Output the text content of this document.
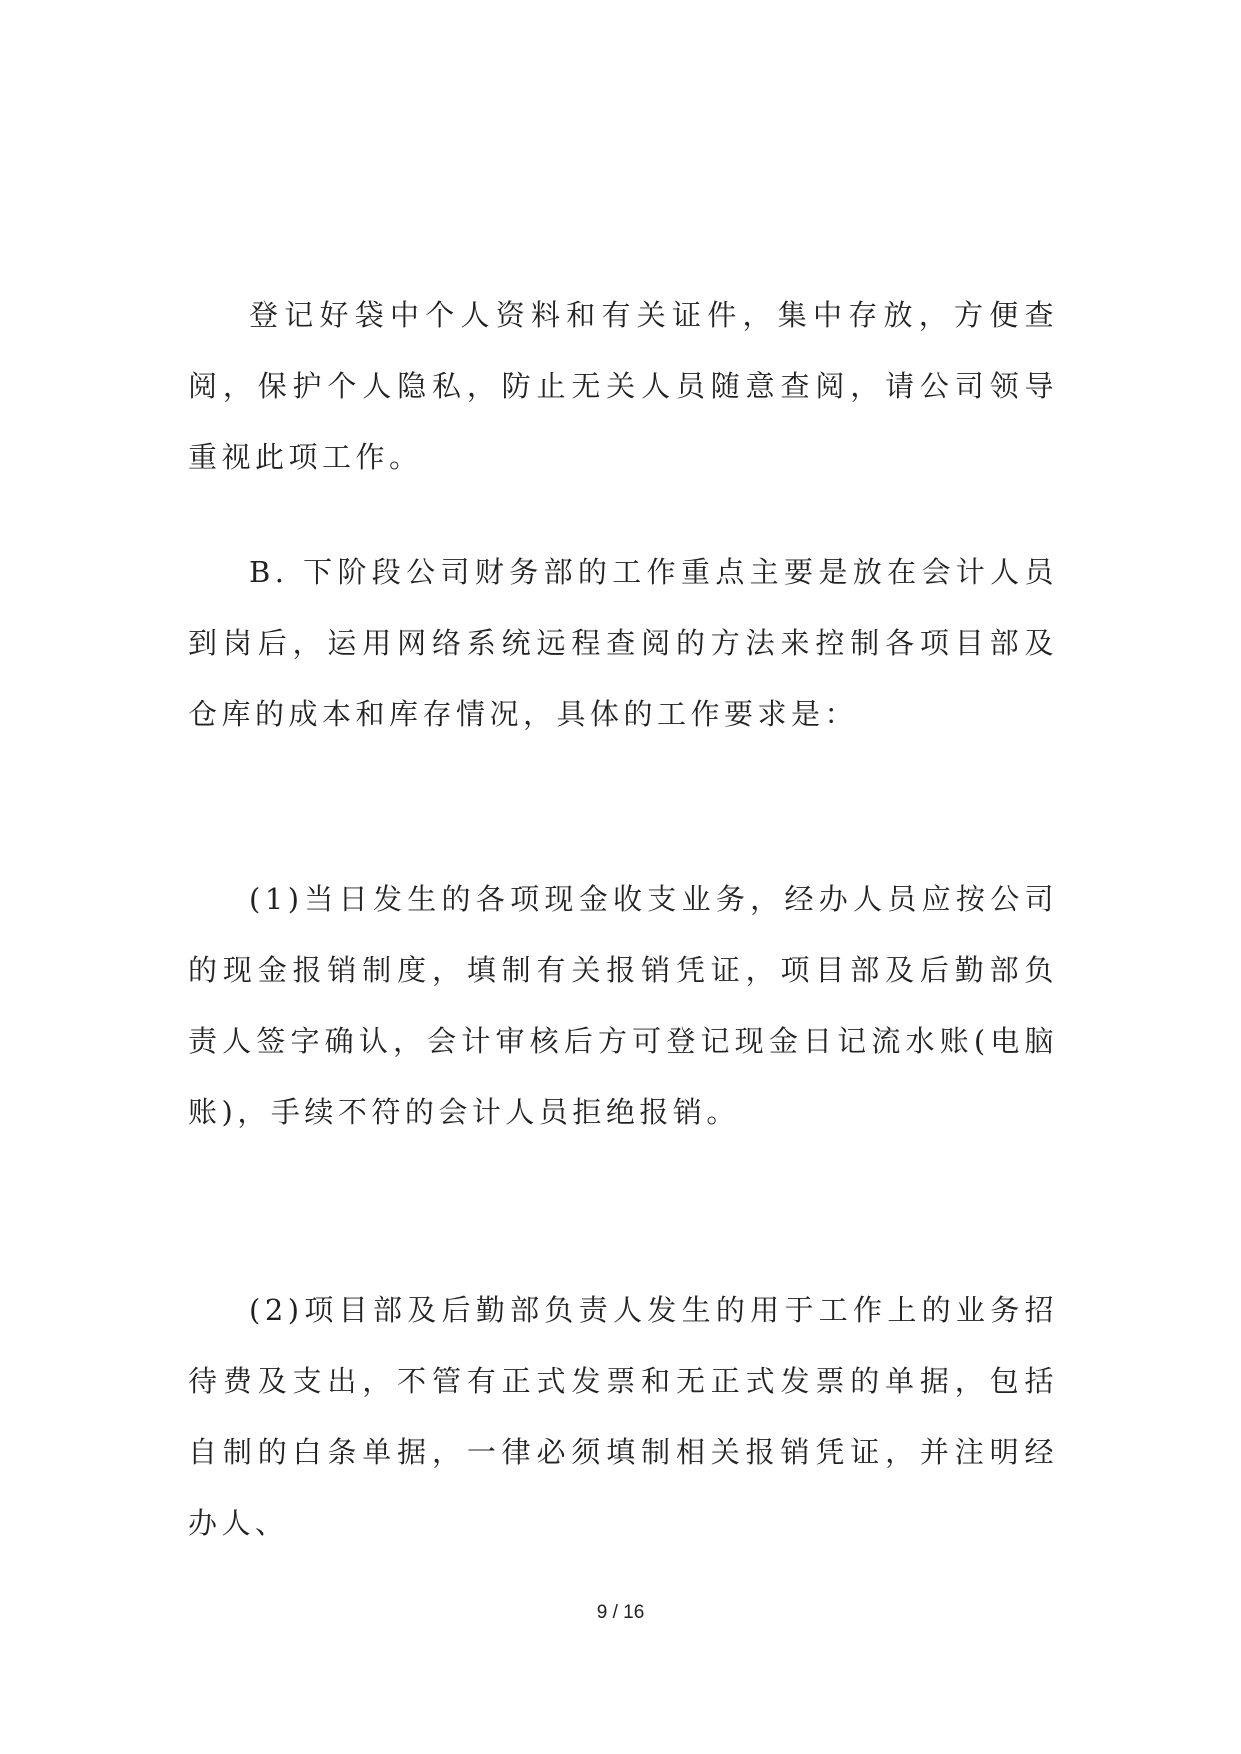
登记好袋中个人资料和有关证件，集中存放，方便查阅，保护个人隐私，防止无关人员随意查阅，请公司领导重视此项工作。

B. 下阶段公司财务部的工作重点主要是放在会计人员到岗后，运用网络系统远程查阅的方法来控制各项目部及仓库的成本和库存情况，具体的工作要求是：

(1)当日发生的各项现金收支业务，经办人员应按公司的现金报销制度，填制有关报销凭证，项目部及后勤部负责人签字确认，会计审核后方可登记现金日记流水账(电脑账)，手续不符的会计人员拒绝报销。

(2)项目部及后勤部负责人发生的用于工作上的业务招待费及支出，不管有正式发票和无正式发票的单据，包括自制的白条单据，一律必须填制相关报销凭证，并注明经办人、

9 / 16
